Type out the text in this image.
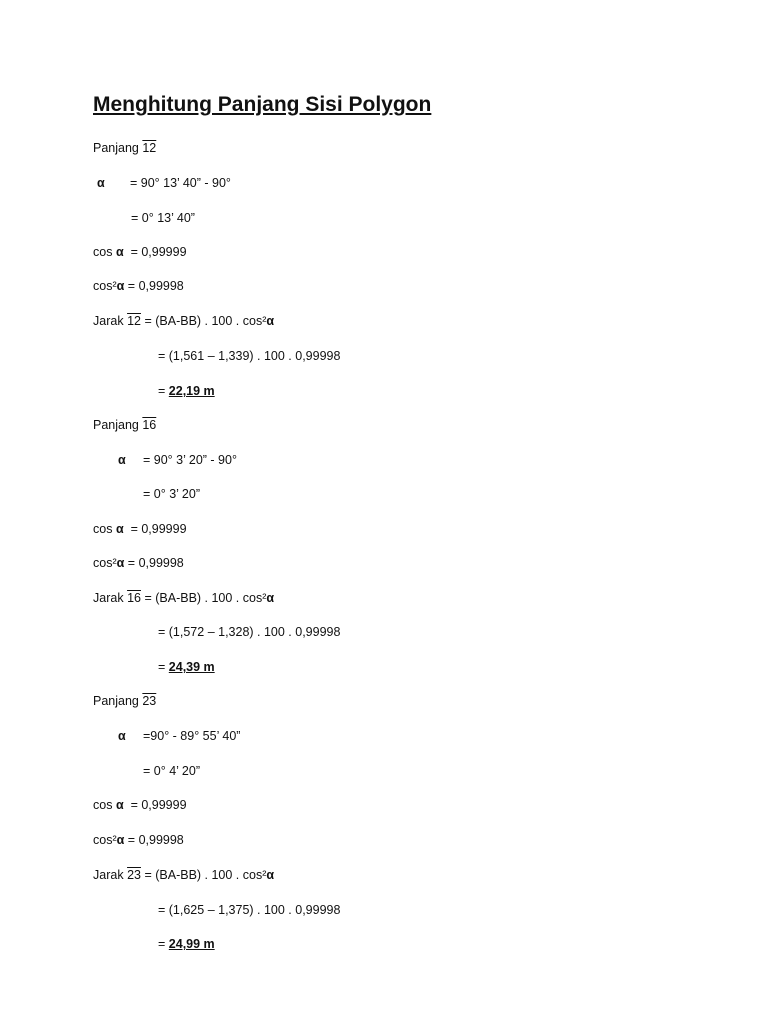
Menghitung Panjang Sisi Polygon
Panjang 12
α = 90° 13’ 40” - 90°
= 0° 13’ 40”
cos α = 0,99999
cos²α = 0,99998
Jarak 12 = (BA-BB) . 100 . cos²α
= (1,561 – 1,339) . 100 . 0,99998
= 22,19 m
Panjang 16
α = 90° 3’ 20” - 90°
= 0° 3’ 20”
cos α = 0,99999
cos²α = 0,99998
Jarak 16 = (BA-BB) . 100 . cos²α
= (1,572 – 1,328) . 100 . 0,99998
= 24,39 m
Panjang 23
α =90° - 89° 55’ 40”
= 0° 4’ 20”
cos α = 0,99999
cos²α = 0,99998
Jarak 23 = (BA-BB) . 100 . cos²α
= (1,625 – 1,375) . 100 . 0,99998
= 24,99 m
